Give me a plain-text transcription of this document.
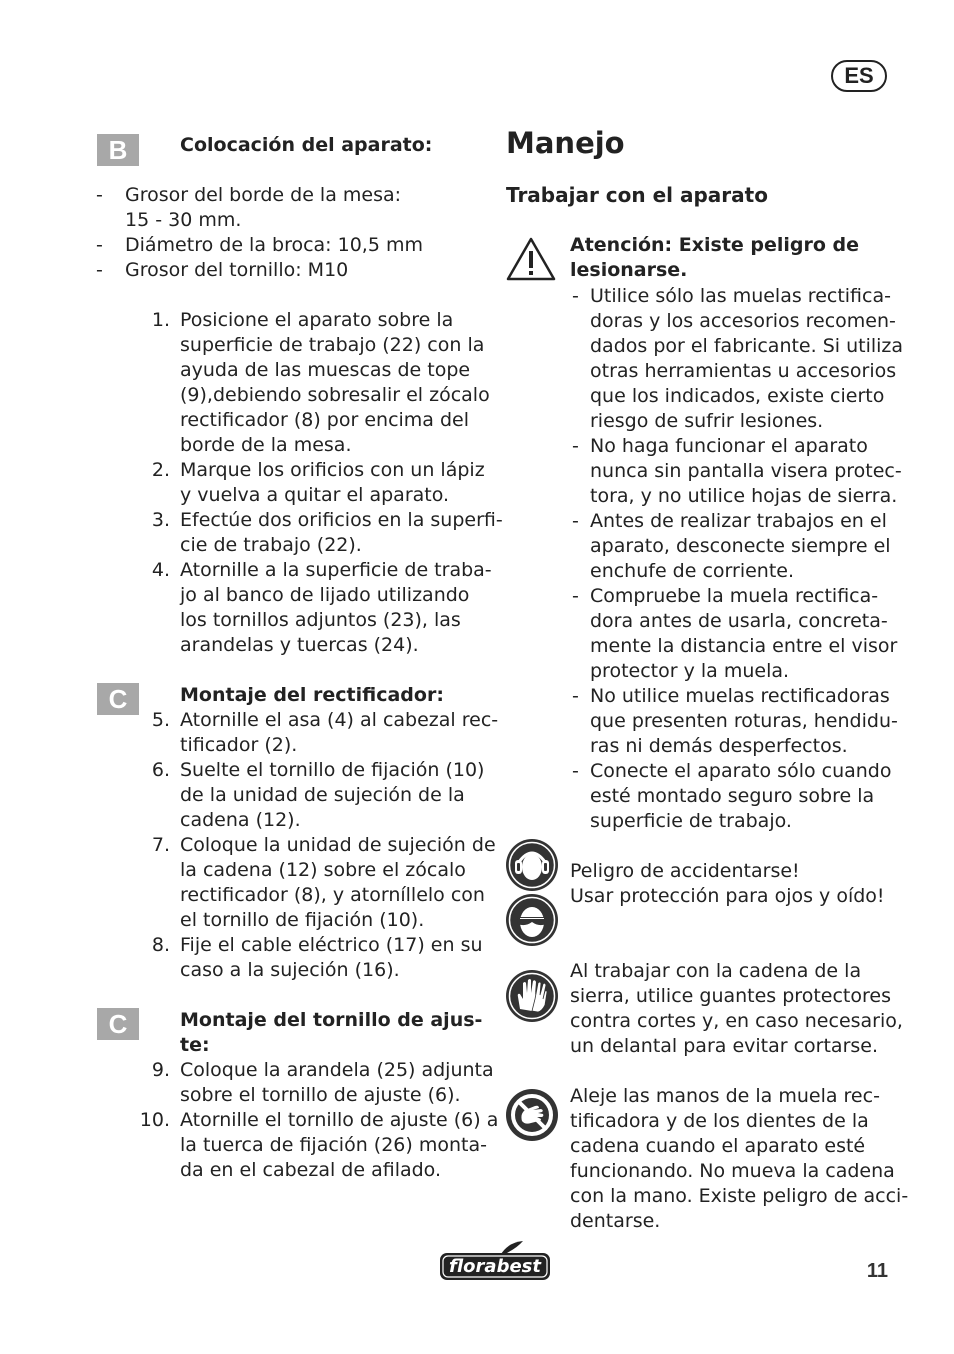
ES
B	Colocación del aparato:
- Grosor del borde de la mesa:
15 - 30 mm.
- Diámetro de la broca: 10,5 mm
- Grosor del tornillo: M10
1. Posicione el aparato sobre la
superficie de trabajo (22) con la
ayuda de las muescas de tope
(9),debiendo sobresalir el zócalo
rectificador (8) por encima del
borde de la mesa.
2. Marque los orificios con un lápiz
y vuelva a quitar el aparato.
3. Efectúe dos orificios en la superfi-
cie de trabajo (22).
4. Atornille a la superficie de traba-
jo al banco de lijado utilizando
los tornillos adjuntos (23), las
arandelas y tuercas (24).
C	Montaje del rectificador:
5. Atornille el asa (4) al cabezal rec-
tificador (2).
6. Suelte el tornillo de fijación (10)
de la unidad de sujeción de la
cadena (12).
7. Coloque la unidad de sujeción de
la cadena (12) sobre el zócalo
rectificador (8), y atorníllelo con
el tornillo de fijación (10).
8. Fije el cable eléctrico (17) en su
caso a la sujeción (16).
C	Montaje del tornillo de ajus-
te:
9. Coloque la arandela (25) adjunta
sobre el tornillo de ajuste (6).
10. Atornille el tornillo de ajuste (6) a
la tuerca de fijación (26) monta-
da en el cabezal de afilado.
Manejo
Trabajar con el aparato
Atención: Existe peligro de
lesionarse.
- Utilice sólo las muelas rectifica-
doras y los accesorios recomen-
dados por el fabricante. Si utiliza
otras herramientas u accesorios
que los indicados, existe cierto
riesgo de sufrir lesiones.
- No haga funcionar el aparato
nunca sin pantalla visera protec-
tora, y no utilice hojas de sierra.
- Antes de realizar trabajos en el
aparato, desconecte siempre el
enchufe de corriente.
- Compruebe la muela rectifica-
dora antes de usarla, concreta-
mente la distancia entre el visor
protector y la muela.
- No utilice muelas rectificadoras
que presenten roturas, hendidu-
ras ni demás desperfectos.
- Conecte el aparato sólo cuando
esté montado seguro sobre la
superficie de trabajo.
Peligro de accidentarse!
Usar protección para ojos y oído!
Al trabajar con la cadena de la
sierra, utilice guantes protectores
contra cortes y, en caso necesario,
un delantal para evitar cortarse.
Aleje las manos de la muela rec-
tificadora y de los dientes de la
cadena cuando el aparato esté
funcionando. No mueva la cadena
con la mano. Existe peligro de acci-
dentarse.
florabest	11
